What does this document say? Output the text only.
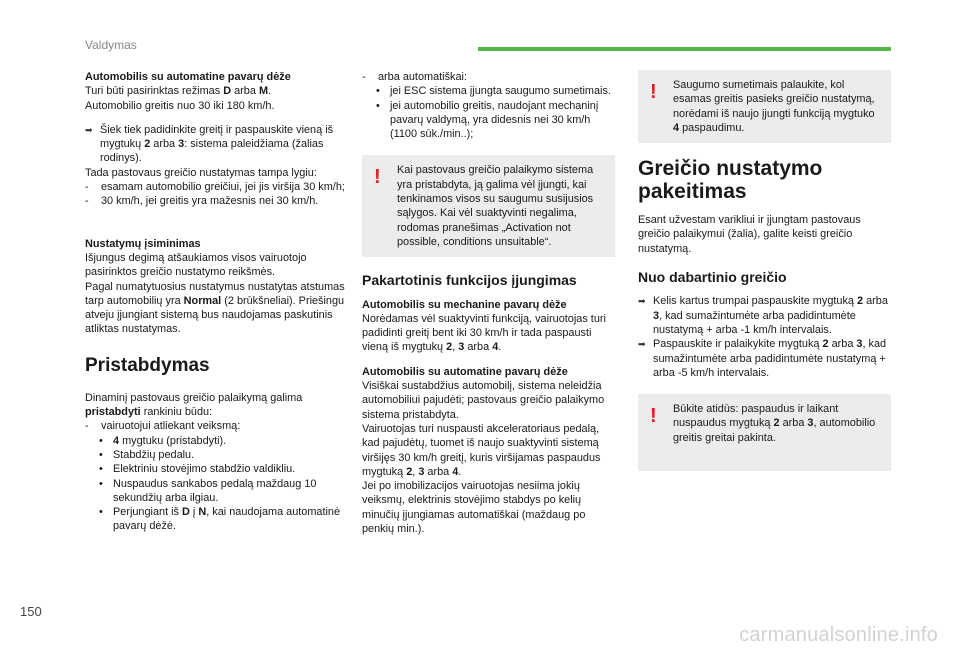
Valdymas

Automobilis su automatine pavarų dėže

Turi būti pasirinktas režimas D arba M.

Automobilio greitis nuo 30 iki 180 km/h.

➡ Šiek tiek padidinkite greitį ir paspauskite vieną iš mygtukų 2 arba 3: sistema paleidžiama (žalias rodinys).

Tada pastovaus greičio nustatymas tampa lygiu:

-	esamam automobilio greičiui, jei jis viršija 30 km/h;

-	30 km/h, jei greitis yra mažesnis nei 30 km/h.

Nustatymų įsiminimas

Išjungus degimą atšaukiamos visos vairuotojo pasirinktos greičio nustatymo reikšmės.

Pagal numatytuosius nustatymus nustatytas atstumas tarp automobilių yra Normal (2 brūkšneliai). Priešingu atveju įjungiant sistemą bus naudojamas paskutinis atliktas nustatymas.

Pristabdymas

Dinaminį pastovaus greičio palaikymą galima pristabdyti rankiniu būdu:

-	vairuotojui atliekant veiksmą:

• 4 mygtuku (pristabdyti).

• Stabdžių pedalu.

• Elektriniu stovėjimo stabdžio valdikliu.

• Nuspaudus sankabos pedalą maždaug 10 sekundžių arba ilgiau.

• Perjungiant iš D į N, kai naudojama automatinė pavarų dėžė.

-	arba automatiškai:

• jei ESC sistema įjungta saugumo sumetimais.

• jei automobilio greitis, naudojant mechaninį pavarų valdymą, yra didesnis nei 30 km/h (1100 sūk./min..);

! Kai pastovaus greičio palaikymo sistema yra pristabdyta, ją galima vėl įjungti, kai tenkinamos visos su saugumu susijusios sąlygos. Kai vėl suaktyvinti negalima, rodomas pranešimas „Activation not possible, conditions unsuitable“.

Pakartotinis funkcijos įjungimas

Automobilis su mechanine pavarų dėže

Norėdamas vėl suaktyvinti funkciją, vairuotojas turi padidinti greitį bent iki 30 km/h ir tada paspausti vieną iš mygtukų 2, 3 arba 4.

Automobilis su automatine pavarų dėže

Visiškai sustabdžius automobilį, sistema neleidžia automobiliui pajudėti; pastovaus greičio palaikymo sistema pristabdyta.

Vairuotojas turi nuspausti akceleratoriaus pedalą, kad pajudėtų, tuomet iš naujo suaktyvinti sistemą viršijęs 30 km/h greitį, kuris viršijamas paspaudus mygtuką 2, 3 arba 4.

Jei po imobilizacijos vairuotojas nesiima jokių veiksmų, elektrinis stovėjimo stabdys po kelių minučių įjungiamas automatiškai (maždaug po penkių min.).

! Saugumo sumetimais palaukite, kol esamas greitis pasieks greičio nustatymą, norėdami iš naujo įjungti funkciją mygtuko 4 paspaudimu.

Greičio nustatymo pakeitimas

Esant užvestam varikliui ir įjungtam pastovaus greičio palaikymui (žalia), galite keisti greičio nustatymą.

Nuo dabartinio greičio
➡ Kelis kartus trumpai paspauskite mygtuką 2 arba 3, kad sumažintumėte arba padidintumėte nustatymą + arba -1 km/h intervalais.

➡ Paspauskite ir palaikykite mygtuką 2 arba 3, kad sumažintumėte arba padidintumėte nustatymą + arba -5 km/h intervalais.

! Būkite atidūs: paspaudus ir laikant nuspaudus mygtuką 2 arba 3, automobilio greitis greitai pakinta.

150
carmanualsonline.info
